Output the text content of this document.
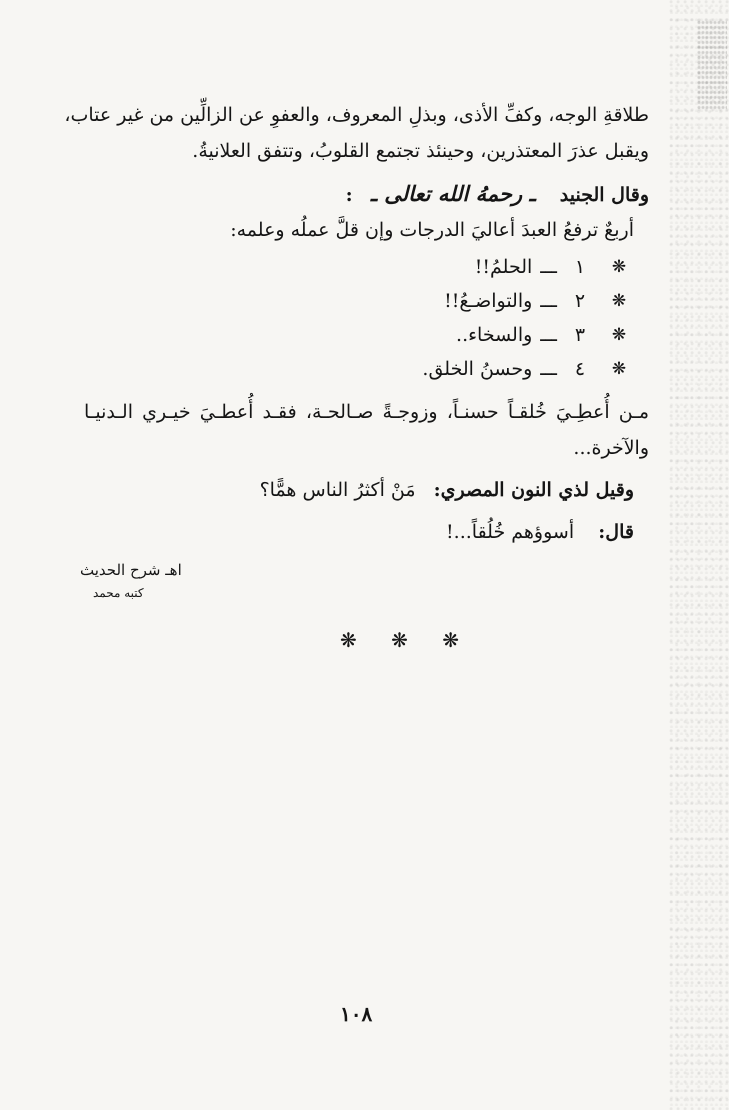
طلاقةِ الوجه، وكفِّ الأذى، وبذلِ المعروف، والعفوِ عن الزالِّين من غير عتاب،
ويقبل عذرَ المعتذرين، وحينئذ تجتمع القلوبُ، وتتفق العلانيةُ.
وقال الجنيد    ـ رحمهُ الله تعالى ـ   :
أربعٌ ترفعُ العبدَ أعاليَ الدرجات وإن قلَّ عملُه وعلمه:
❋
١
ـــ
الحلمُ!!
❋
٢
ـــ
والتواضـعُ!!
❋
٣
ـــ
والسخاء..
❋
٤
ـــ
وحسنُ الخلق.
مـن أُعطِـيَ خُلقـاً حسنـاً، وزوجـةً صـالحـة، فقـد أُعطـيَ خيـري الـدنيـا
والآخرة...
وقيل لذي النون المصري:   مَنْ أكثرُ الناس همًّا؟
قال:    أسوؤهم خُلُقاً...!
اهـ شرح الحديث
كتبه محمد
❋ ❋ ❋
١٠٨
